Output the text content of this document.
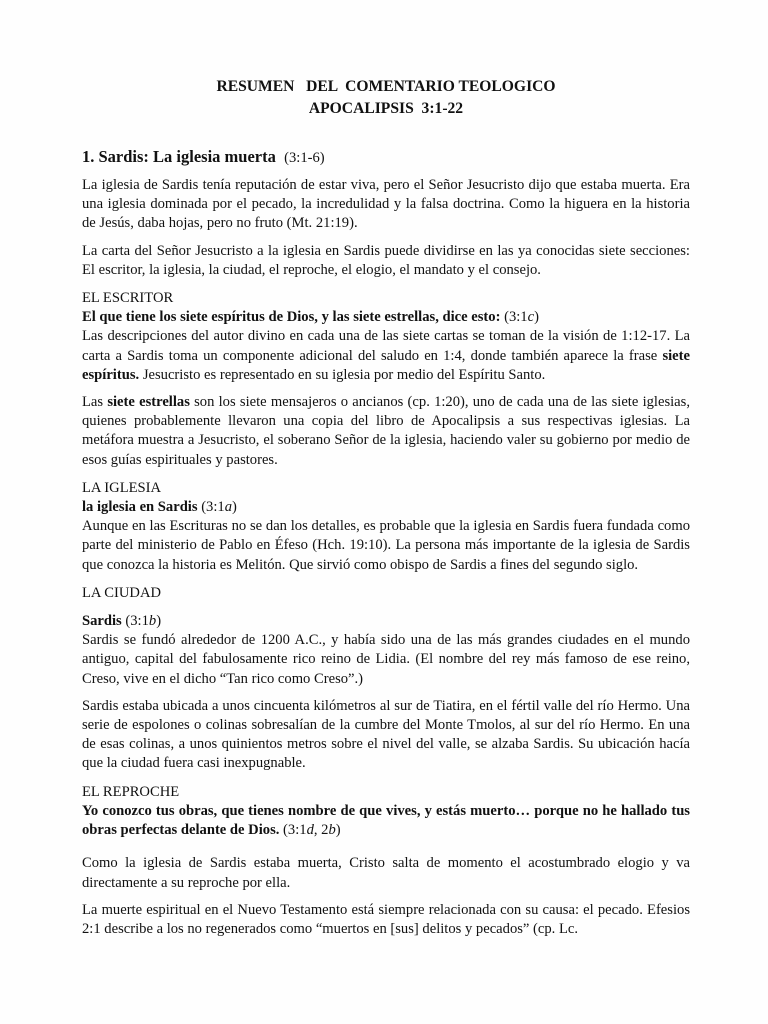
RESUMEN   DEL  COMENTARIO TEOLOGICO

APOCALIPSIS  3:1-22

1. Sardis: La iglesia muerta (3:1-6)

La iglesia de Sardis tenía reputación de estar viva, pero el Señor Jesucristo dijo que estaba muerta. Era una iglesia dominada por el pecado, la incredulidad y la falsa doctrina. Como la higuera en la historia de Jesús, daba hojas, pero no fruto (Mt. 21:19).

La carta del Señor Jesucristo a la iglesia en Sardis puede dividirse en las ya conocidas siete secciones: El escritor, la iglesia, la ciudad, el reproche, el elogio, el mandato y el consejo.

EL ESCRITOR
El que tiene los siete espíritus de Dios, y las siete estrellas, dice esto: (3:1c)

Las descripciones del autor divino en cada una de las siete cartas se toman de la visión de 1:12-17. La carta a Sardis toma un componente adicional del saludo en 1:4, donde también aparece la frase siete espíritus. Jesucristo es representado en su iglesia por medio del Espíritu Santo.

Las siete estrellas son los siete mensajeros o ancianos (cp. 1:20), uno de cada una de las siete iglesias, quienes probablemente llevaron una copia del libro de Apocalipsis a sus respectivas iglesias. La metáfora muestra a Jesucristo, el soberano Señor de la iglesia, haciendo valer su gobierno por medio de esos guías espirituales y pastores.

LA IGLESIA
la iglesia en Sardis (3:1a)

Aunque en las Escrituras no se dan los detalles, es probable que la iglesia en Sardis fuera fundada como parte del ministerio de Pablo en Éfeso (Hch. 19:10). La persona más importante de la iglesia de Sardis que conozca la historia es Melitón. Que sirvió como obispo de Sardis a fines del segundo siglo.

LA CIUDAD
Sardis (3:1b)

Sardis se fundó alrededor de 1200 A.C., y había sido una de las más grandes ciudades en el mundo antiguo, capital del fabulosamente rico reino de Lidia. (El nombre del rey más famoso de ese reino, Creso, vive en el dicho “Tan rico como Creso”.)

Sardis estaba ubicada a unos cincuenta kilómetros al sur de Tiatira, en el fértil valle del río Hermo. Una serie de espolones o colinas sobresalían de la cumbre del Monte Tmolos, al sur del río Hermo. En una de esas colinas, a unos quinientos metros sobre el nivel del valle, se alzaba Sardis. Su ubicación hacía que la ciudad fuera casi inexpugnable.

EL REPROCHE
Yo conozco tus obras, que tienes nombre de que vives, y estás muerto… porque no he hallado tus obras perfectas delante de Dios. (3:1d, 2b)

Como la iglesia de Sardis estaba muerta, Cristo salta de momento el acostumbrado elogio y va directamente a su reproche por ella.

La muerte espiritual en el Nuevo Testamento está siempre relacionada con su causa: el pecado. Efesios 2:1 describe a los no regenerados como “muertos en [sus] delitos y pecados” (cp. Lc.
